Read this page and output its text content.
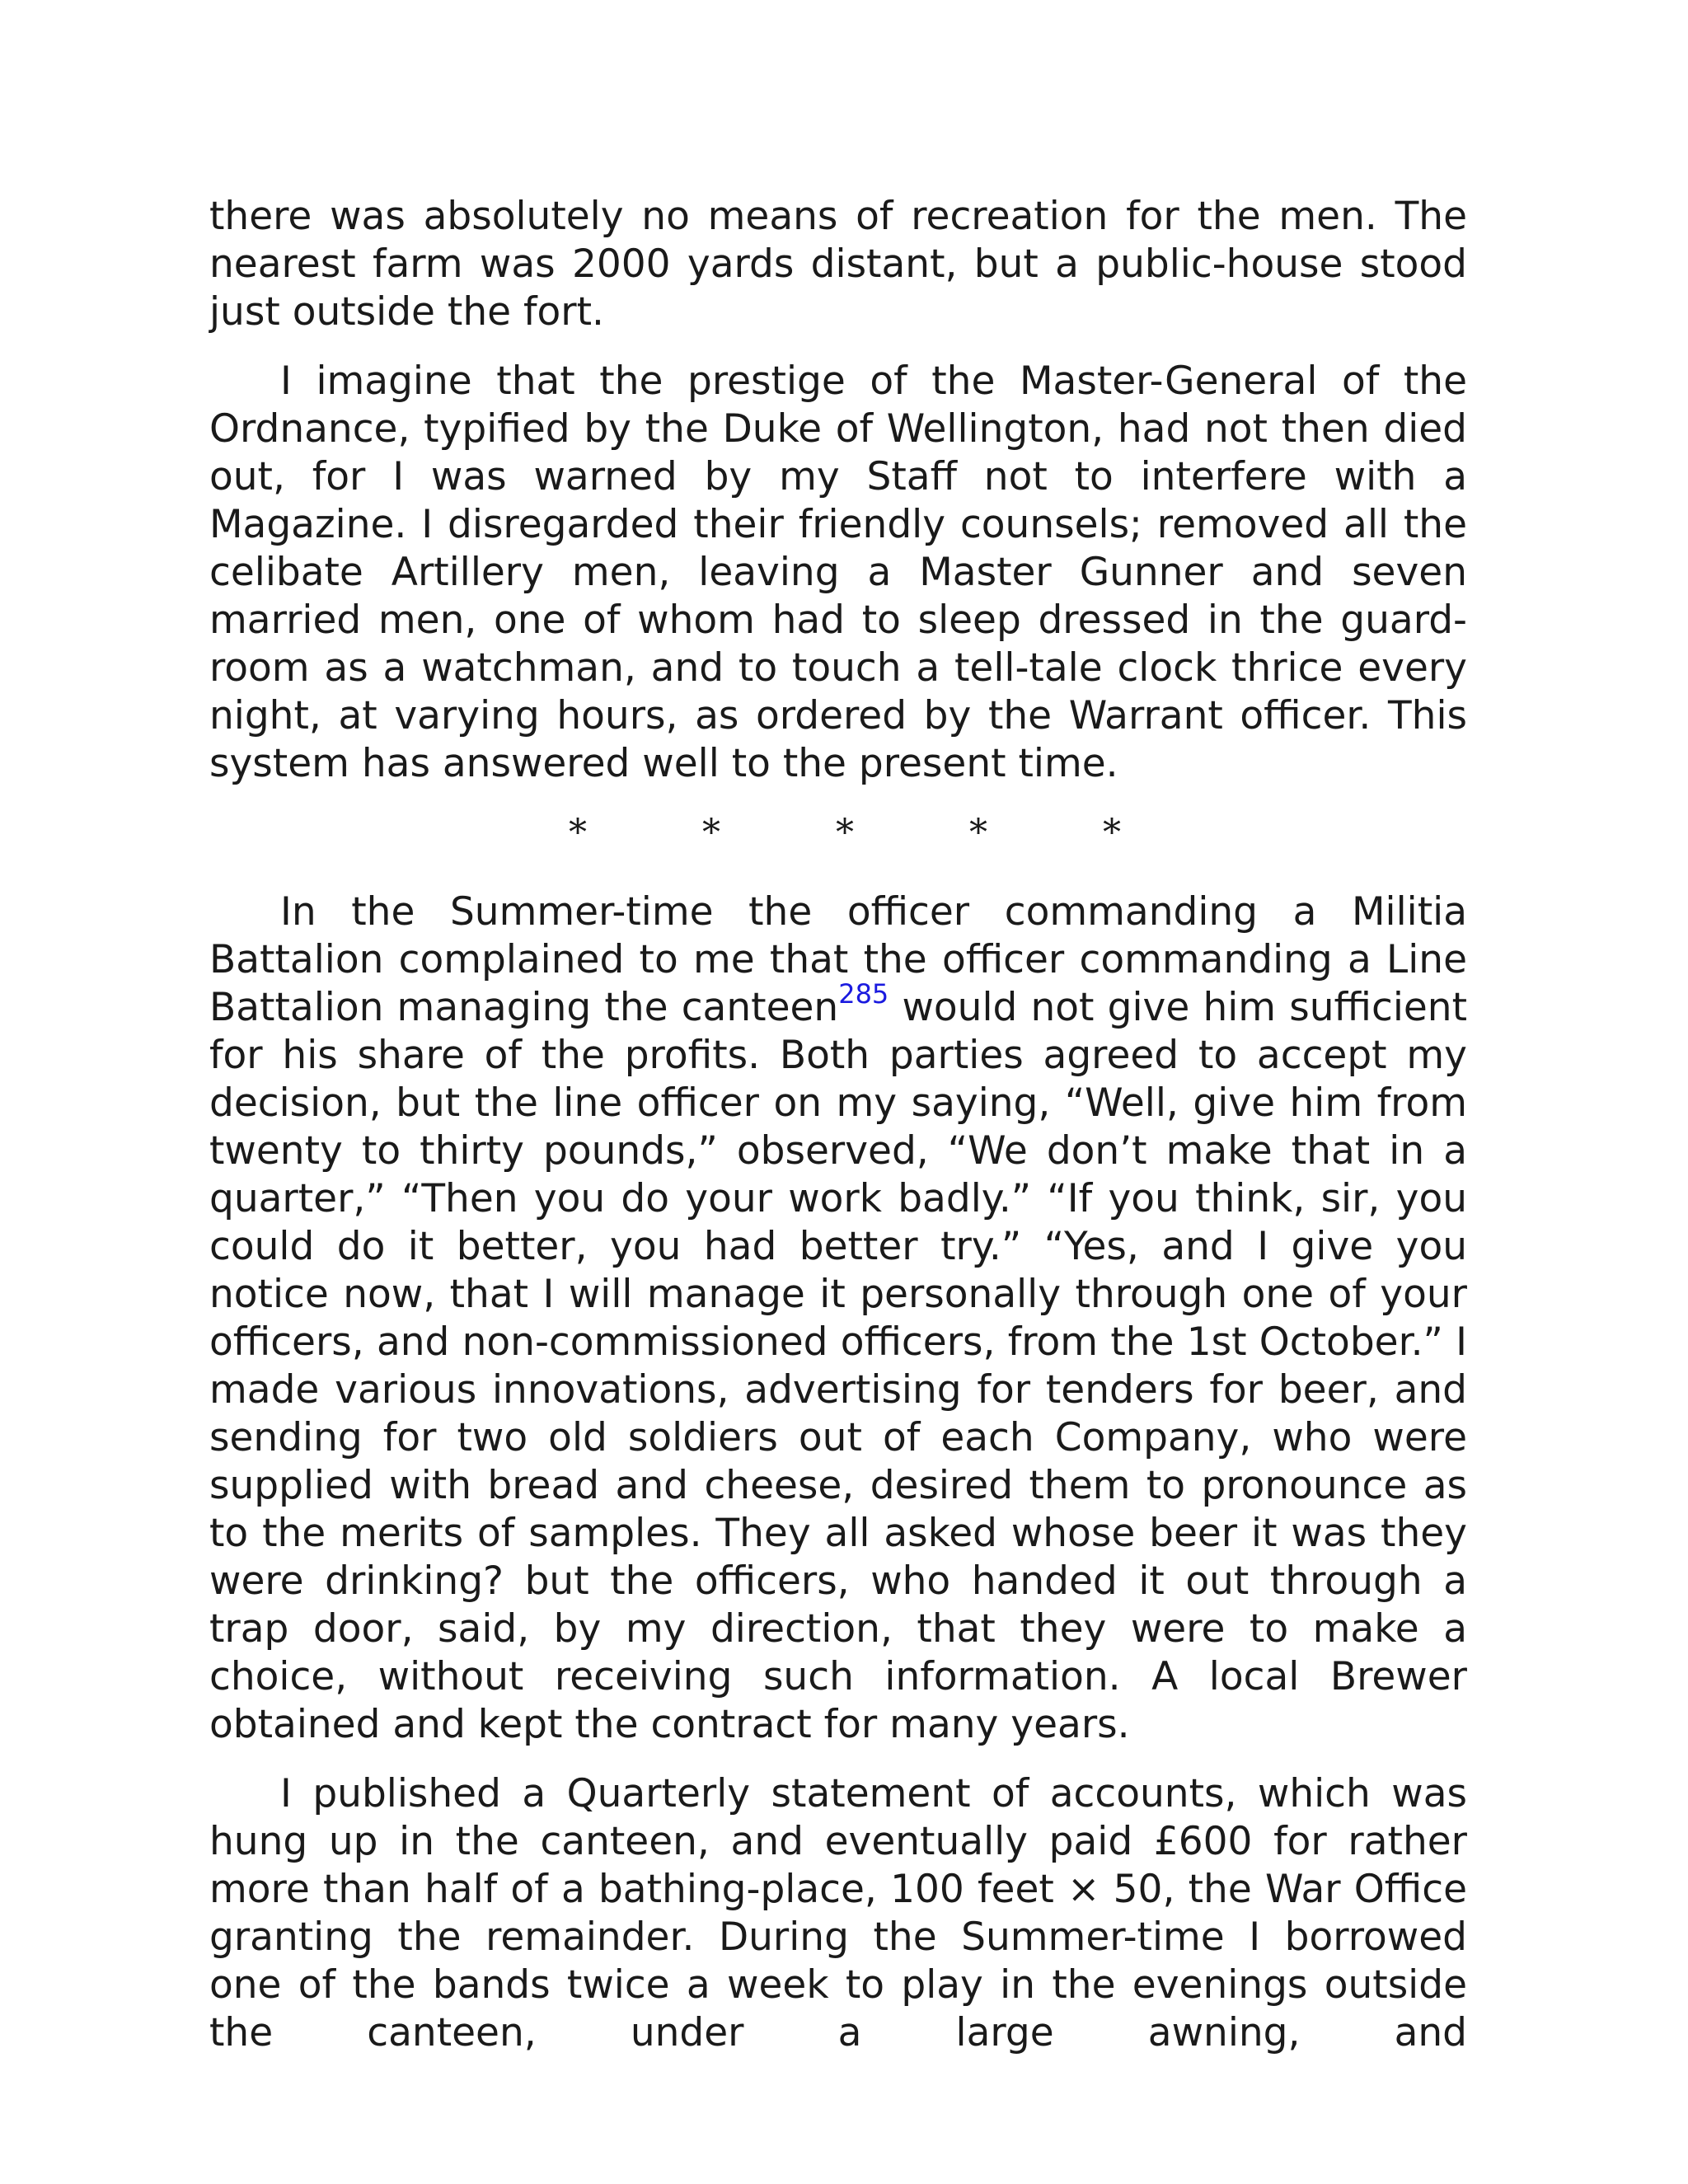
there was absolutely no means of recreation for the men. The nearest farm was 2000 yards distant, but a public-house stood just outside the fort.

I imagine that the prestige of the Master-General of the Ordnance, typified by the Duke of Wellington, had not then died out, for I was warned by my Staff not to interfere with a Magazine. I disregarded their friendly counsels; removed all the celibate Artillery men, leaving a Master Gunner and seven married men, one of whom had to sleep dressed in the guard-room as a watchman, and to touch a tell-tale clock thrice every night, at varying hours, as ordered by the Warrant officer. This system has answered well to the present time.

*	*	*	*	*

In the Summer-time the officer commanding a Militia Battalion complained to me that the officer commanding a Line Battalion managing the canteen$^{285}$ would not give him sufficient for his share of the profits. Both parties agreed to accept my decision, but the line officer on my saying, “Well, give him from twenty to thirty pounds,” observed, “We don’t make that in a quarter,” “Then you do your work badly.” “If you think, sir, you could do it better, you had better try.” “Yes, and I give you notice now, that I will manage it personally through one of your officers, and non-commissioned officers, from the 1st October.” I made various innovations, advertising for tenders for beer, and sending for two old soldiers out of each Company, who were supplied with bread and cheese, desired them to pronounce as to the merits of samples. They all asked whose beer it was they were drinking? but the officers, who handed it out through a trap door, said, by my direction, that they were to make a choice, without receiving such information. A local Brewer obtained and kept the contract for many years.

I published a Quarterly statement of accounts, which was hung up in the canteen, and eventually paid £600 for rather more than half of a bathing-place, 100 feet × 50, the War Office granting the remainder. During the Summer-time I borrowed one of the bands twice a week to play in the evenings outside the canteen, under a large awning, and
